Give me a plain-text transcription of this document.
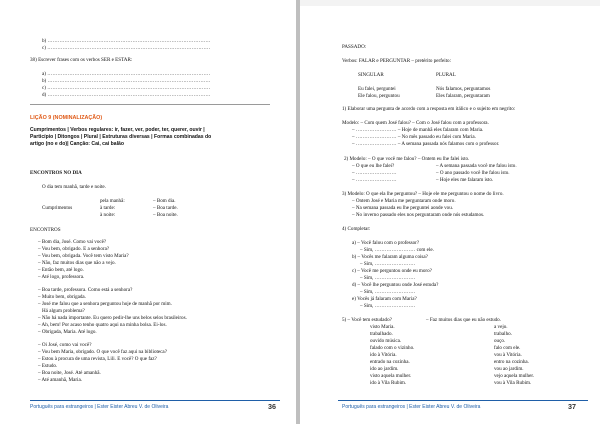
b) ……………………………………………………………………………………
c) ……………………………………………………………………………………
38) Escrever frases com os verbos SER e ESTAR:
a) ……………………………………………………………………………………
b) ……………………………………………………………………………………
c) ……………………………………………………………………………………
d) ……………………………………………………………………………………
O dia tem manhã, tarde e noite.
pela manhã:	– Bom dia.
Cumprimentos	à tarde:	– Boa tarde.
à noite:	– Boa noite.
ENCONTROS
– Bom dia, José. Como vai você?
– Vou bem, obrigado. E a senhora?
– Vou bem, obrigada. Você tem visto Maria?
– Não, faz muitos dias que não a vejo.
– Então bem, até logo.
– Até logo, professora.
– Boa tarde, professora. Como está a senhora?
– Muito bem, obrigada.
– José me falou que a senhora perguntou hoje de manhã por mim.
Há algum problema?
– Não há nada importante. Eu quero pedir-lhe uns belos selos brasileiros.
– Ah, bem! Por acaso tenho quatro aqui na minha bolsa. Ei-los.
– Obrigada, Maria. Até logo.
– Oi José, como vai você?
– Vou bem Maria, obrigado. O que você faz aqui na biblioteca?
– Estou à procura de uma revista, Lili. E você? O que faz?
– Estudo.
– Boa noite, José. Até amanhã.
– Até amanhã, Maria.
LIÇÃO 9 (NOMINALIZAÇÃO)
Cumprimentos | Verbos regulares: ir, fazer, ver, poder, ter, querer, ouvir |
Particípio | Ditongos | Plural | Estruturas diversas | Formas combinadas do
artigo (no e do)| Canção: Cai, cai balão
ENCONTROS NO DIA
Português para estrangeiros | Ester Eister Abreu V. de Oliveira	36
PASSADO:
Verbos: FALAR e PERGUNTAR – pretérito perfeito:
SINGULAR	PLURAL
Eu falei, perguntei	Nós falamos, perguntamos
Ele falou, perguntou	Eles falaram, perguntaram
1) Elaborar uma pergunta de acordo com a resposta em itálico e o sujeito em negrito:
Modelo: – Com quem José falou? – Com o José falou com a professora.
– …………………… – Hoje de manhã eles falaram com Maria.
– …………………… – No mês passado eu falei com Maria.
– …………………… – A semana passada nós falamos com o professor.
2) Modelo: – O que você me falou? – Ontem eu lhe falei isto.
– O que eu lhe falei?	– A semana passada você me falou isto.
– ……………………	– O ano passado você lhe falou isto.
– ……………………	– Hoje eles me falaram isto.
3) Modelo: O que ela lhe perguntou? – Hoje ele me perguntou o nome do livro.
– Ontem José e Maria me perguntaram onde moro.
– Na semana passada eu lhe perguntei aonde vou.
– No inverno passado eles nos perguntaram onde nós estudamos.
4) Completar:
a) – Você falou com o professor?
– Sim, …………………… com ele.
b) – Vocês me falaram alguma coisa?
– Sim, ……………………
c) – Você me perguntou onde eu moro?
– Sim, ……………………
d) – Você lhe perguntou onde José estuda?
– Sim, ……………………
e) Vocês já falaram com Maria?
– Sim, ……………………
5) – Você tem estudado?	– Faz muitos dias que eu não estudo.
visto Maria.	a vejo.
trabalhado.	trabalho.
ouvido música.	ouço.
falado com o vizinho.	falo com ele.
ido à Vitória.	vou à Vitória.
entrado na cozinha.	entro na cozinha.
ido ao jardim.	vou ao jardim.
visto aquela mulher.	vejo aquela mulher.
ido à Vila Rubim.	vou à Vila Rubim.
Português para estrangeiros | Ester Eister Abreu V. de Oliveira	37
